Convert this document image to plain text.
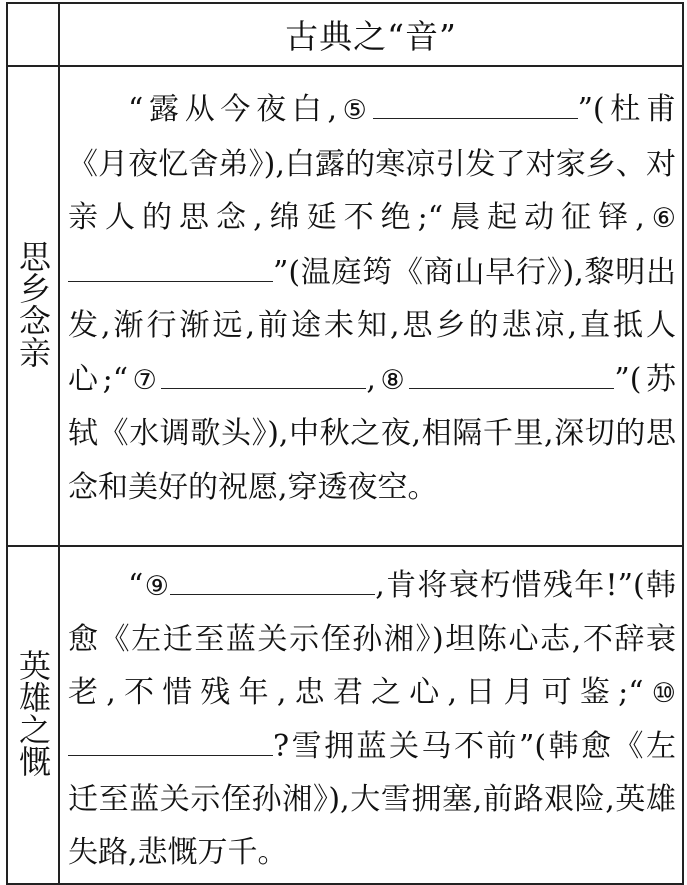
	古典之“音”
思乡念亲	“露从今夜白,⑤ ”(杜甫《月夜忆舍弟》),白露的寒凉引发了对家乡、对亲人的思念,绵延不绝;“晨起动征铎,⑥”(温庭筠《商山早行》),黎明出发,渐行渐远,前途未知,思乡的悲凉,直抵人心;“⑦ ,⑧ ”(苏轼《水调歌头》),中秋之夜,相隔千里,深切的思念和美好的祝愿,穿透夜空。

英雄之慨	“⑨ ,肯将衰朽惜残年!”(韩愈《左迁至蓝关示侄孙湘》)坦陈心志,不辞衰老,不惜残年,忠君之心,日月可鉴;“⑩?雪拥蓝关马不前”(韩愈《左迁至蓝关示侄孙湘》),大雪拥塞,前路艰险,英雄失路,悲慨万千。
